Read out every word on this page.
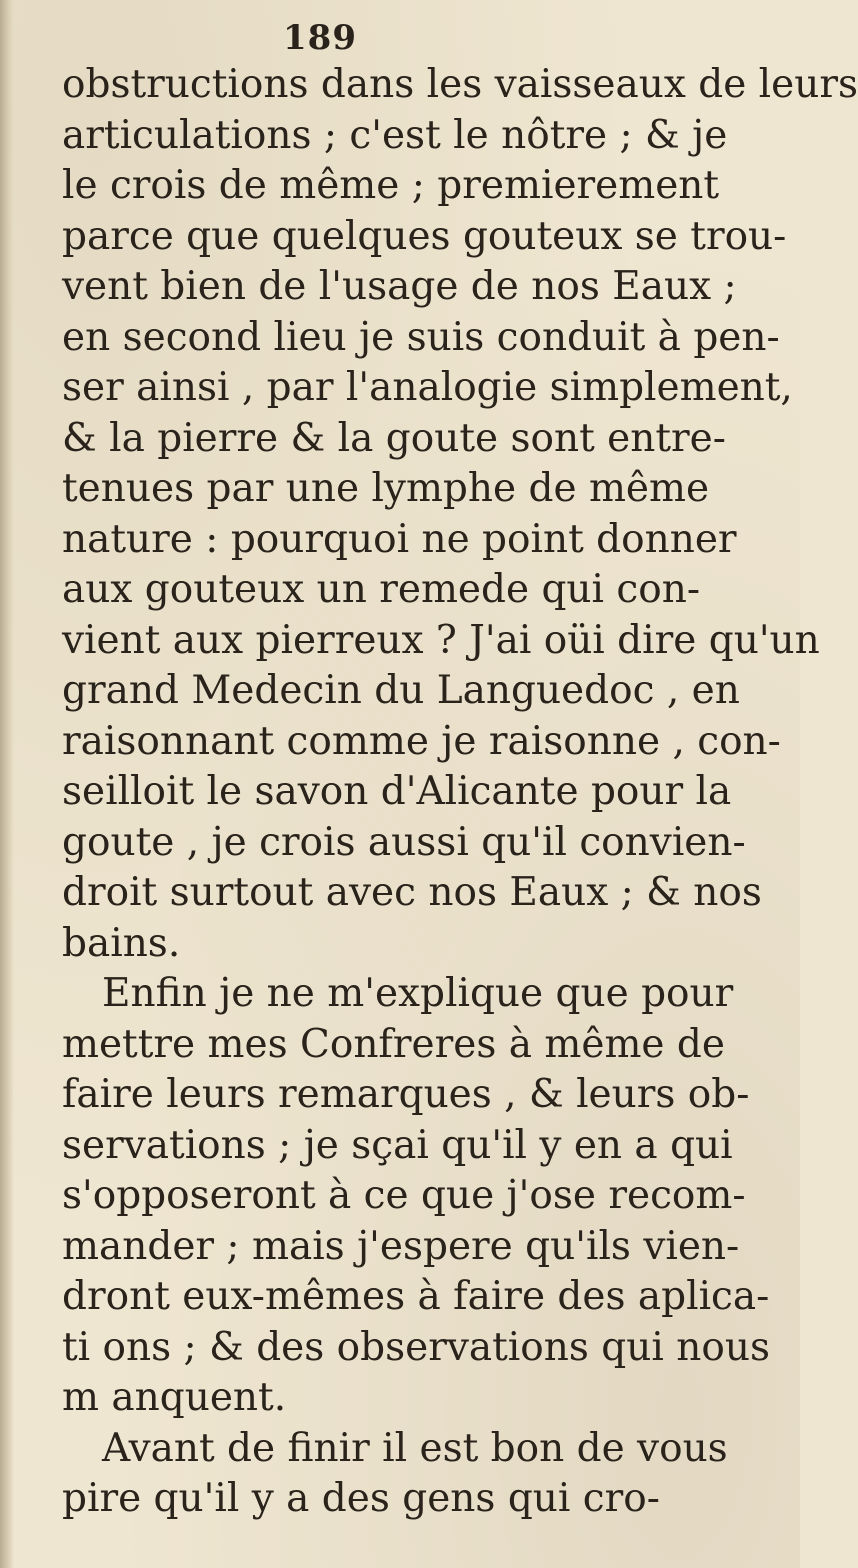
189
obstructions dans les vaisseaux de leurs
articulations ; c'est le nôtre ; & je
le crois de même ; premierement
parce que quelques gouteux se trou-
vent bien de l'usage de nos Eaux ;
en second lieu je suis conduit à pen-
ser ainsi , par l'analogie simplement,
& la pierre & la goute sont entre-
tenues par une lymphe de même
nature : pourquoi ne point donner
aux gouteux un remede qui con-
vient aux pierreux ? J'ai oüi dire qu'un
grand Medecin du Languedoc , en
raisonnant comme je raisonne , con-
seilloit le savon d'Alicante pour la
goute , je crois aussi qu'il convien-
droit surtout avec nos Eaux ; & nos
bains.
Enfin je ne m'explique que pour
mettre mes Confreres à même de
faire leurs remarques , & leurs ob-
servations ; je sçai qu'il y en a qui
s'opposeront à ce que j'ose recom-
mander ; mais j'espere qu'ils vien-
dront eux-mêmes à faire des aplica-
ti ons ; & des observations qui nous
m anquent.
Avant de finir il est bon de vous
pire qu'il y a des gens qui cro-
